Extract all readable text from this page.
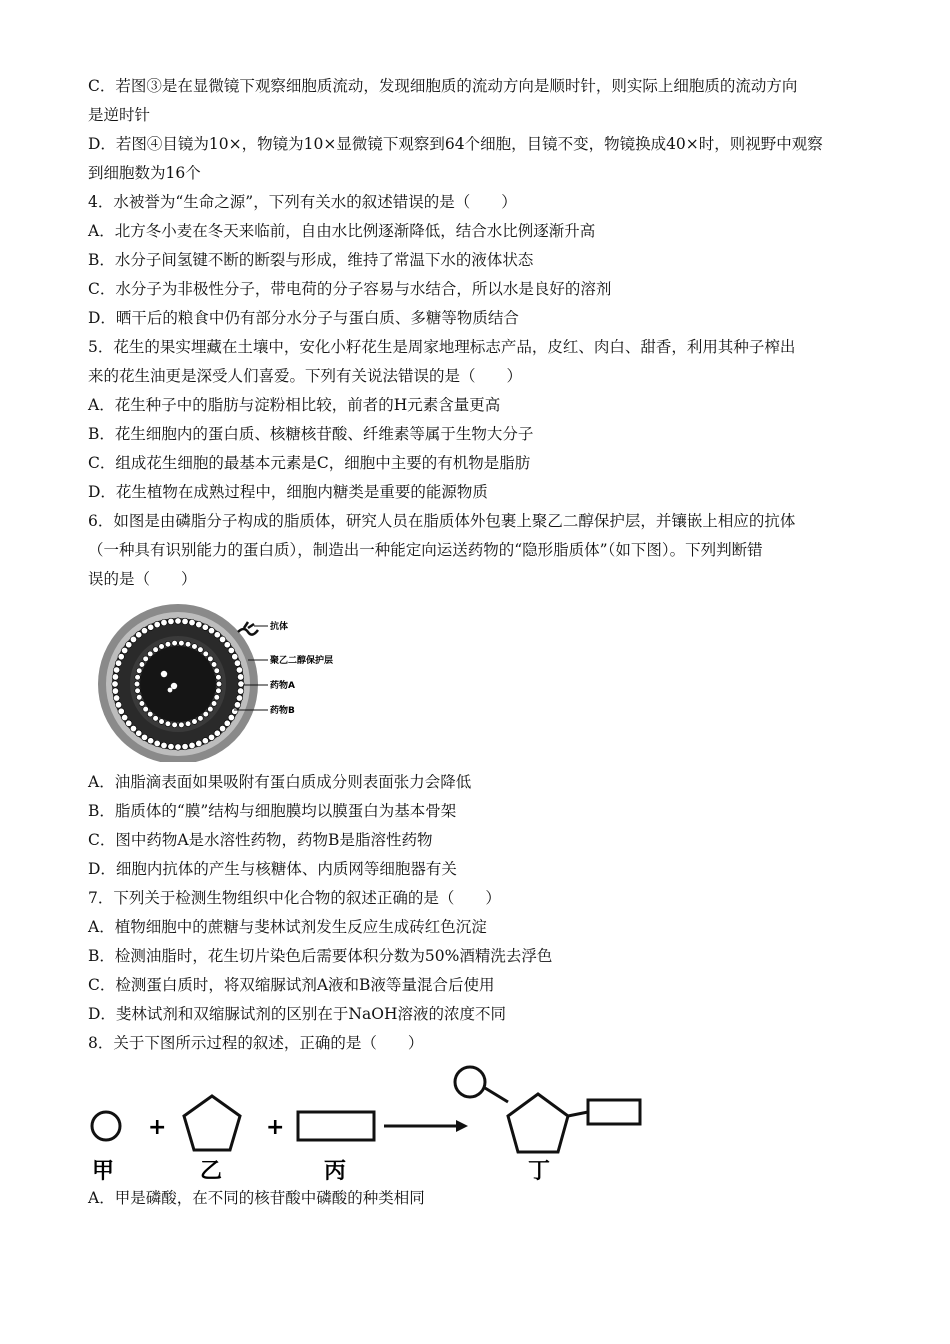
C．若图③是在显微镜下观察细胞质流动，发现细胞质的流动方向是顺时针，则实际上细胞质的流动方向
是逆时针
D．若图④目镜为10×，物镜为10×显微镜下观察到64个细胞，目镜不变，物镜换成40×时，则视野中观察
到细胞数为16个
4．水被誉为“生命之源”，下列有关水的叙述错误的是（　　）
A．北方冬小麦在冬天来临前，自由水比例逐渐降低，结合水比例逐渐升高
B．水分子间氢键不断的断裂与形成，维持了常温下水的液体状态
C．水分子为非极性分子，带电荷的分子容易与水结合，所以水是良好的溶剂
D．晒干后的粮食中仍有部分水分子与蛋白质、多糖等物质结合
5．花生的果实埋藏在土壤中，安化小籽花生是周家地理标志产品，皮红、肉白、甜香，利用其种子榨出
来的花生油更是深受人们喜爱。下列有关说法错误的是（　　）
A．花生种子中的脂肪与淀粉相比较，前者的H元素含量更高
B．花生细胞内的蛋白质、核糖核苷酸、纤维素等属于生物大分子
C．组成花生细胞的最基本元素是C，细胞中主要的有机物是脂肪
D．花生植物在成熟过程中，细胞内糖类是重要的能源物质
6．如图是由磷脂分子构成的脂质体，研究人员在脂质体外包裹上聚乙二醇保护层，并镶嵌上相应的抗体
（一种具有识别能力的蛋白质），制造出一种能定向运送药物的“隐形脂质体”（如下图）。下列判断错
误的是（　　）
抗体
聚乙二醇保护层
药物A
药物B
A．油脂滴表面如果吸附有蛋白质成分则表面张力会降低
B．脂质体的“膜”结构与细胞膜均以膜蛋白为基本骨架
C．图中药物A是水溶性药物，药物B是脂溶性药物
D．细胞内抗体的产生与核糖体、内质网等细胞器有关
7．下列关于检测生物组织中化合物的叙述正确的是（　　）
A．植物细胞中的蔗糖与斐林试剂发生反应生成砖红色沉淀
B．检测油脂时，花生切片染色后需要体积分数为50%酒精洗去浮色
C．检测蛋白质时，将双缩脲试剂A液和B液等量混合后使用
D．斐林试剂和双缩脲试剂的区别在于NaOH溶液的浓度不同
8．关于下图所示过程的叙述，正确的是（　　）
+	+
甲	乙	丙	丁
A．甲是磷酸，在不同的核苷酸中磷酸的种类相同
